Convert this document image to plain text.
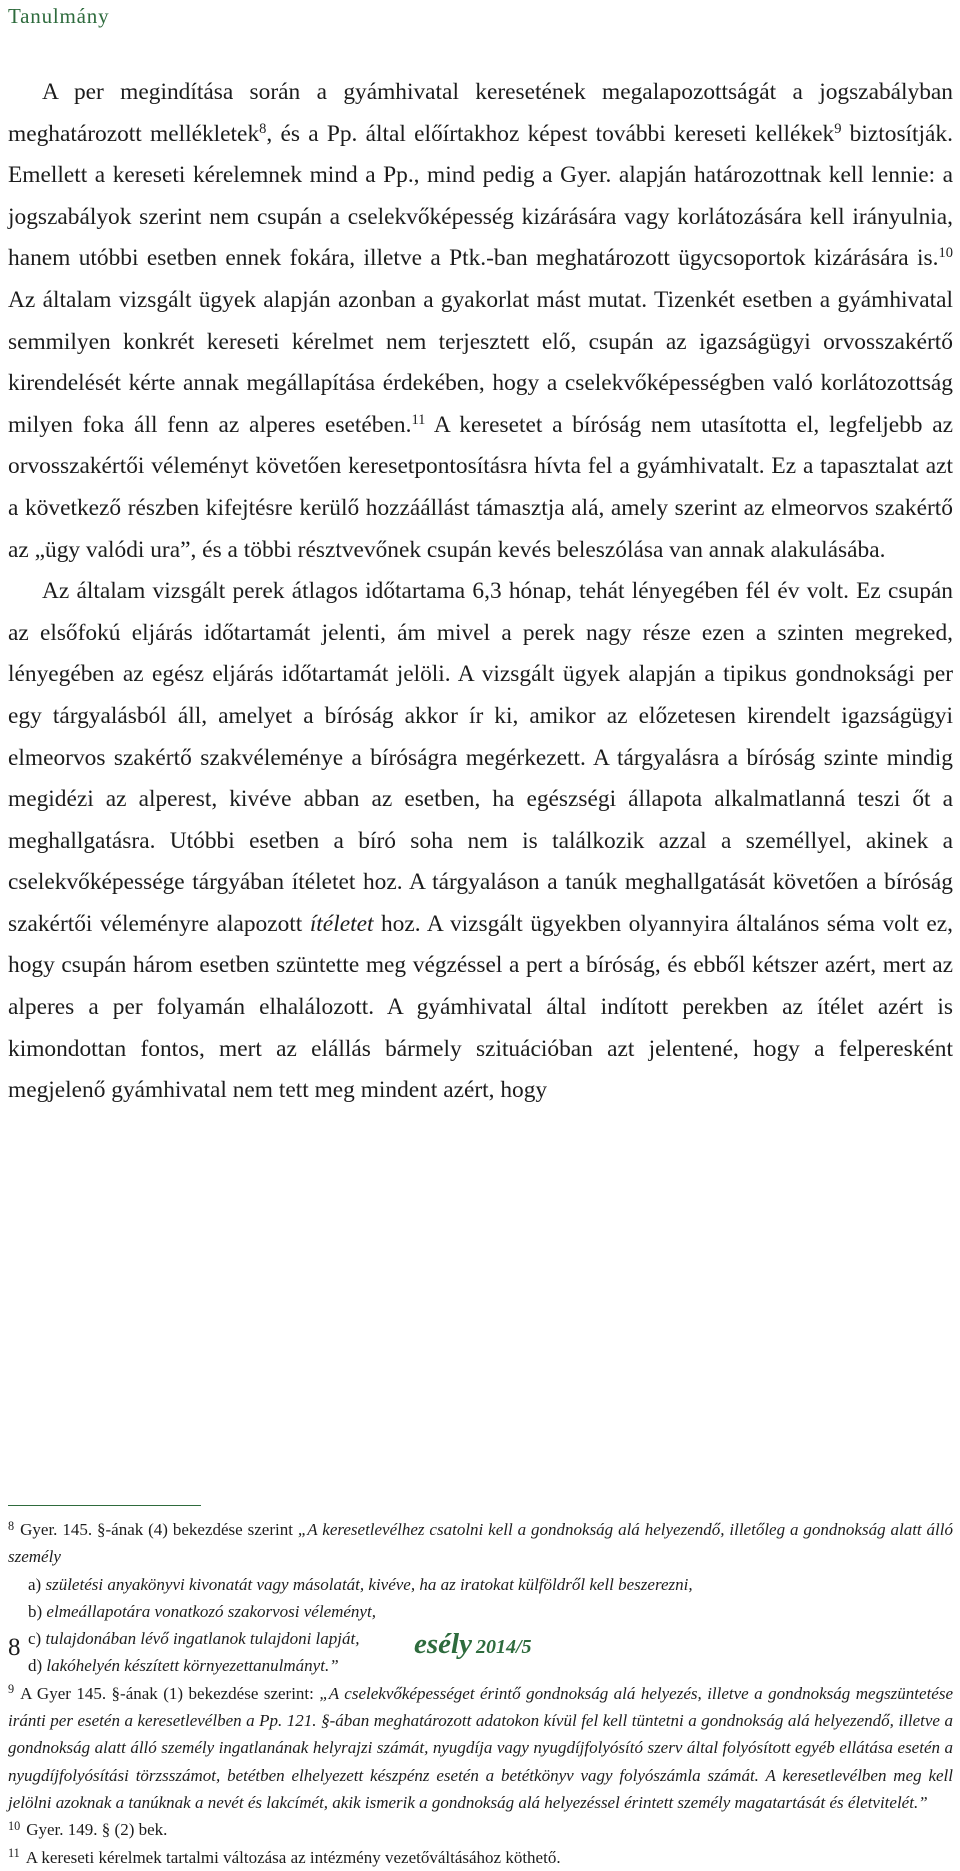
Tanulmány

A per megindítása során a gyámhivatal keresetének megalapozottságát a jogszabályban meghatározott mellékletek$^8$, és a Pp. által előírtakhoz képest további kereseti kellékek$^9$ biztosítják. Emellett a kereseti kérelemnek mind a Pp., mind pedig a Gyer. alapján határozottnak kell lennie: a jogszabályok szerint nem csupán a cselekvőképesség kizárására vagy korlátozására kell irányulnia, hanem utóbbi esetben ennek fokára, illetve a Ptk.-ban meghatározott ügycsoportok kizárására is.$^{10}$ Az általam vizsgált ügyek alapján azonban a gyakorlat mást mutat. Tizenkét esetben a gyámhivatal semmilyen konkrét kereseti kérelmet nem terjesztett elő, csupán az igazságügyi orvosszakértő kirendelését kérte annak megállapítása érdekében, hogy a cselekvőképességben való korlátozottság milyen foka áll fenn az alperes esetében.$^{11}$ A keresetet a bíróság nem utasította el, legfeljebb az orvosszakértői véleményt követően keresetpontosításra hívta fel a gyámhivatalt. Ez a tapasztalat azt a következő részben kifejtésre kerülő hozzáállást támasztja alá, amely szerint az elmeorvos szakértő az „ügy valódi ura”, és a többi résztvevőnek csupán kevés beleszólása van annak alakulásába.

Az általam vizsgált perek átlagos időtartama 6,3 hónap, tehát lényegében fél év volt. Ez csupán az elsőfokú eljárás időtartamát jelenti, ám mivel a perek nagy része ezen a szinten megreked, lényegében az egész eljárás időtartamát jelöli. A vizsgált ügyek alapján a tipikus gondnoksági per egy tárgyalásból áll, amelyet a bíróság akkor ír ki, amikor az előzetesen kirendelt igazságügyi elmeorvos szakértő szakvéleménye a bíróságra megérkezett. A tárgyalásra a bíróság szinte mindig megidézi az alperest, kivéve abban az esetben, ha egészségi állapota alkalmatlanná teszi őt a meghallgatásra. Utóbbi esetben a bíró soha nem is találkozik azzal a személlyel, akinek a cselekvőképessége tárgyában ítéletet hoz. A tárgyaláson a tanúk meghallgatását követően a bíróság szakértői véleményre alapozott ítéletet hoz. A vizsgált ügyekben olyannyira általános séma volt ez, hogy csupán három esetben szüntette meg végzéssel a pert a bíróság, és ebből kétszer azért, mert az alperes a per folyamán elhalálozott. A gyámhivatal által indított perekben az ítélet azért is kimondottan fontos, mert az elállás bármely szituációban azt jelentené, hogy a felperesként megjelenő gyámhivatal nem tett meg mindent azért, hogy

$^8$ Gyer. 145. §-ának (4) bekezdése szerint „A keresetlevélhez csatolni kell a gondnokság alá helyezendő, illetőleg a gondnokság alatt álló személy

a) születési anyakönyvi kivonatát vagy másolatát, kivéve, ha az iratokat külföldről kell beszerezni,

b) elmeállapotára vonatkozó szakorvosi véleményt,

c) tulajdonában lévő ingatlanok tulajdoni lapját,

d) lakóhelyén készített környezettanulmányt.”

$^9$ A Gyer 145. §-ának (1) bekezdése szerint: „A cselekvőképességet érintő gondnokság alá helyezés, illetve a gondnokság megszüntetése iránti per esetén a keresetlevélben a Pp. 121. §-ában meghatározott adatokon kívül fel kell tüntetni a gondnokság alá helyezendő, illetve a gondnokság alatt álló személy ingatlanának helyrajzi számát, nyugdíja vagy nyugdíjfolyósító szerv által folyósított egyéb ellátása esetén a nyugdíjfolyósítási törzsszámot, betétben elhelyezett készpénz esetén a betétkönyv vagy folyószámla számát. A keresetlevélben meg kell jelölni azoknak a tanúknak a nevét és lakcímét, akik ismerik a gondnokság alá helyezéssel érintett személy magatartását és életvitelét.”

$^{10}$ Gyer. 149. § (2) bek.

$^{11}$ A kereseti kérelmek tartalmi változása az intézmény vezetőváltásához köthető.

8	esély 2014/5
